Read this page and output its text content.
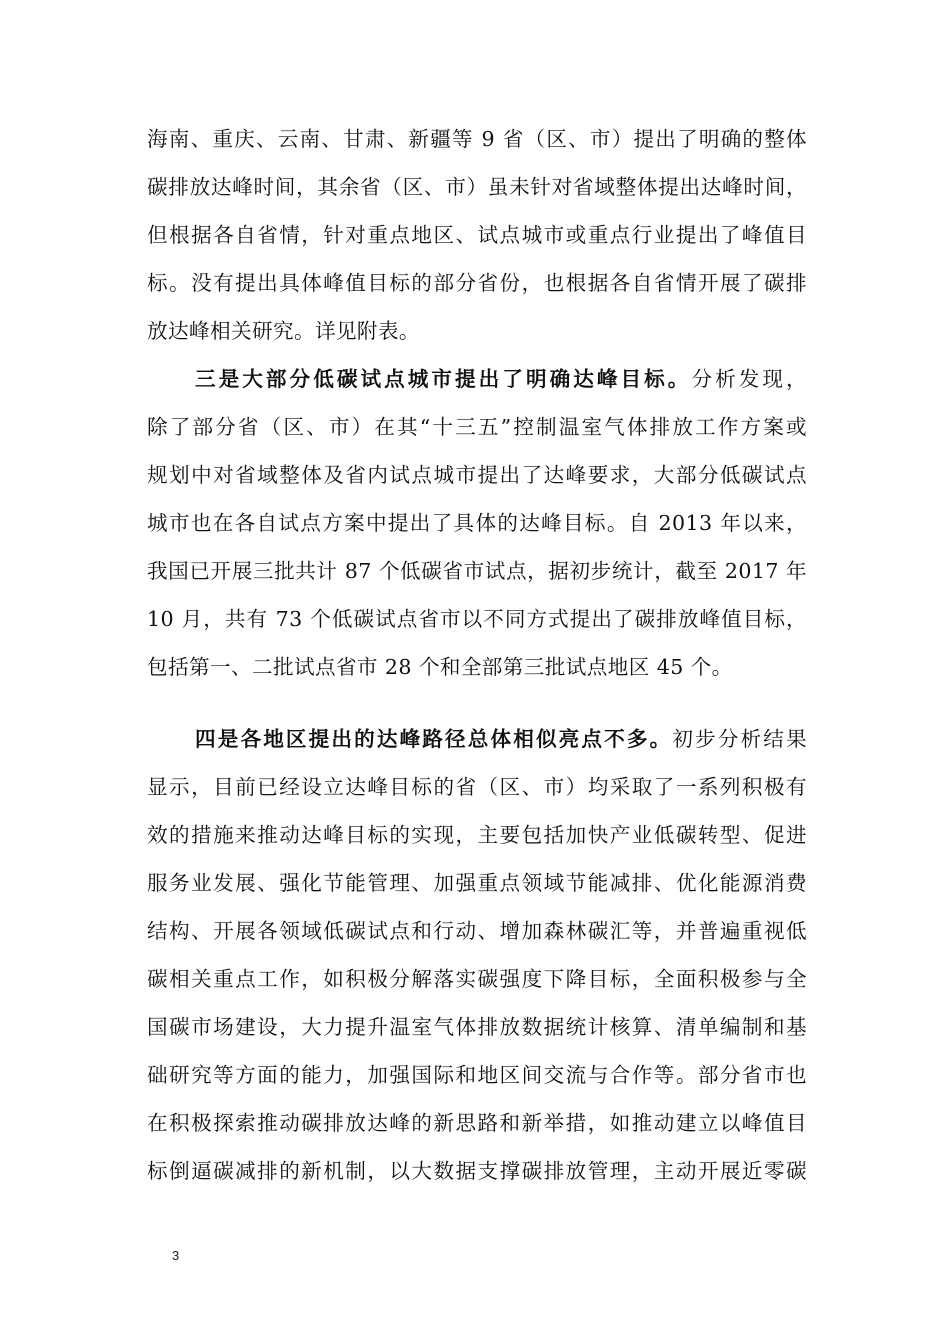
海南、重庆、云南、甘肃、新疆等 9 省（区、市）提出了明确的整体
碳排放达峰时间，其余省（区、市）虽未针对省域整体提出达峰时间，
但根据各自省情，针对重点地区、试点城市或重点行业提出了峰值目
标。没有提出具体峰值目标的部分省份，也根据各自省情开展了碳排
放达峰相关研究。详见附表。
三是大部分低碳试点城市提出了明确达峰目标。分析发现，
除了部分省（区、市）在其“十三五”控制温室气体排放工作方案或
规划中对省域整体及省内试点城市提出了达峰要求，大部分低碳试点
城市也在各自试点方案中提出了具体的达峰目标。自 2013 年以来，
我国已开展三批共计 87 个低碳省市试点，据初步统计，截至 2017 年
10 月，共有 73 个低碳试点省市以不同方式提出了碳排放峰值目标，
包括第一、二批试点省市 28 个和全部第三批试点地区 45 个。
四是各地区提出的达峰路径总体相似亮点不多。初步分析结果
显示，目前已经设立达峰目标的省（区、市）均采取了一系列积极有
效的措施来推动达峰目标的实现，主要包括加快产业低碳转型、促进
服务业发展、强化节能管理、加强重点领域节能减排、优化能源消费
结构、开展各领域低碳试点和行动、增加森林碳汇等，并普遍重视低
碳相关重点工作，如积极分解落实碳强度下降目标，全面积极参与全
国碳市场建设，大力提升温室气体排放数据统计核算、清单编制和基
础研究等方面的能力，加强国际和地区间交流与合作等。部分省市也
在积极探索推动碳排放达峰的新思路和新举措，如推动建立以峰值目
标倒逼碳减排的新机制，以大数据支撑碳排放管理，主动开展近零碳
3
